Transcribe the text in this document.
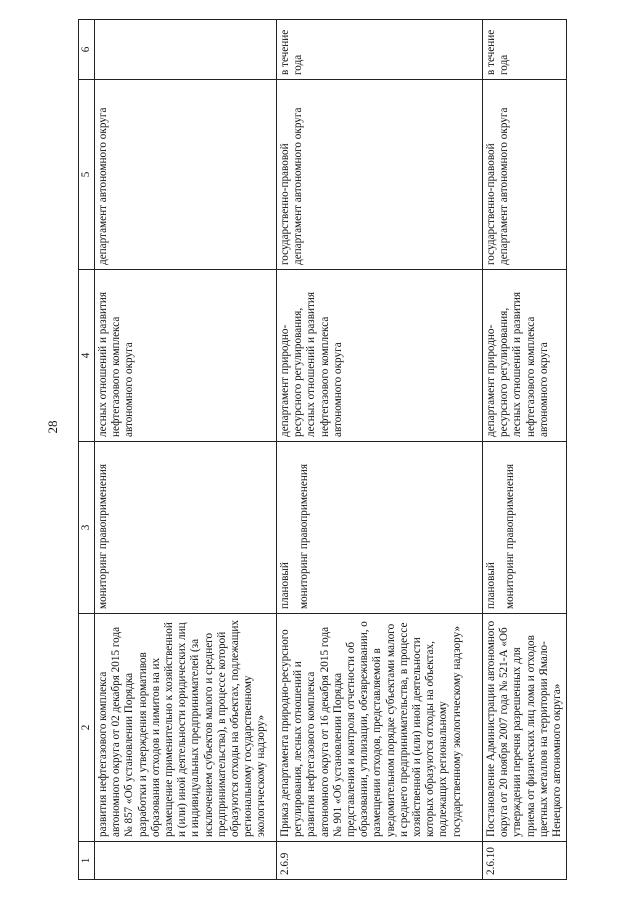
28
1	2	3	4	5	6
	развития нефтегазового комплекса автономного округа от 02 декабря 2015 года № 857 «Об установлении Порядка разработки и утверждения нормативов образования отходов и лимитов на их размещение применительно к хозяйственной и (или) иной деятельности юридических лиц и индивидуальных предпринимателей (за исключением субъектов малого и среднего предпринимательства), в процессе которой образуются отходы на объектах, подлежащих региональному государственному экологическому надзору»	мониторинг правоприменения	лесных отношений и развития нефтегазового комплекса автономного округа	департамент автономного округа	
2.6.9	Приказ департамента природно-ресурсного регулирования, лесных отношений и развития нефтегазового комплекса автономного округа от 16 декабря 2015 года № 901 «Об установлении Порядка представления и контроля отчетности об образовании, утилизации, обезвреживании, о размещении отходов, представляемой в уведомительном порядке субъектами малого и среднего предпринимательства, в процессе хозяйственной и (или) иной деятельности которых образуются отходы на объектах, подлежащих региональному государственному экологическому надзору»	плановый мониторинг правоприменения	департамент природно-ресурсного регулирования, лесных отношений и развития нефтегазового комплекса автономного округа	государственно-правовой департамент автономного округа	в течение года
2.6.10	Постановление Администрации автономного округа от 20 ноября 2007 года № 521-А «Об утверждении перечня разрешенных для приема от физических лиц лома и отходов цветных металлов на территории Ямало-Ненецкого автономного округа»	плановый мониторинг правоприменения	департамент природно-ресурсного регулирования, лесных отношений и развития нефтегазового комплекса автономного округа	государственно-правовой департамент автономного округа	в течение года
